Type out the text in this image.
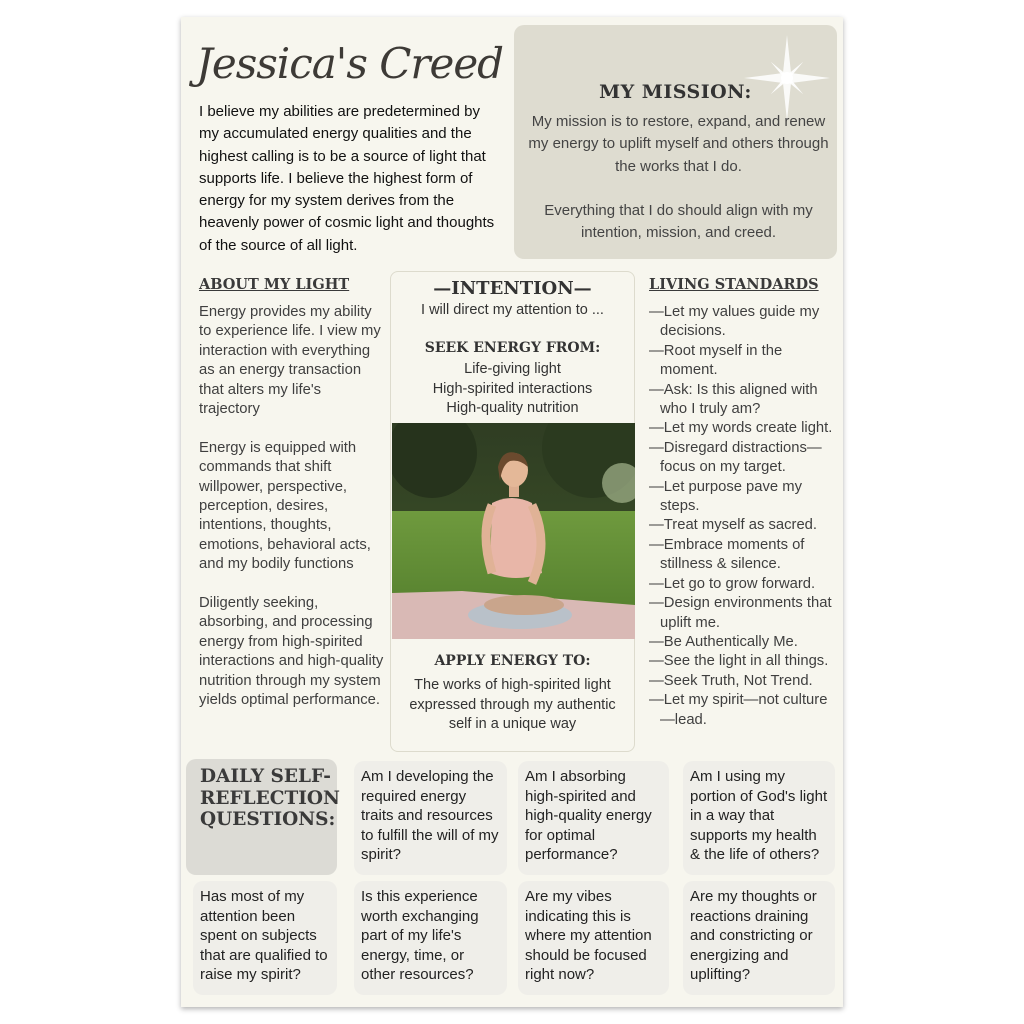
Jessica's Creed
I believe my abilities are predetermined by my accumulated energy qualities and the highest calling is to be a source of light that supports life. I believe the highest form of energy for my system derives from the heavenly power of cosmic light and thoughts of the source of all light.
MY MISSION:
My mission is to restore, expand, and renew my energy to uplift myself and others through the works that I do.
Everything that I do should align with my intention, mission, and creed.
ABOUT MY LIGHT

Energy provides my ability to experience life. I view my interaction with everything as an energy transaction that alters my life's trajectory

Energy is equipped with commands that shift willpower, perspective, perception, desires, intentions, thoughts, emotions, behavioral acts, and my bodily functions

Diligently seeking, absorbing, and processing energy from high-spirited interactions and high-quality nutrition through my system yields optimal performance.

—INTENTION—
I will direct my attention to ...
SEEK ENERGY FROM:
Life-giving light
High-spirited interactions
High-quality nutrition
APPLY ENERGY TO:
The works of high-spirited light expressed through my authentic self in a unique way
LIVING STANDARDS
—Let my values guide my decisions.
—Root myself in the moment.
—Ask: Is this aligned with who I truly am?
—Let my words create light.
—Disregard distractions—focus on my target.
—Let purpose pave my steps.
—Treat myself as sacred.
—Embrace moments of stillness & silence.
—Let go to grow forward.
—Design environments that uplift me.
—Be Authentically Me.
—See the light in all things.
—Seek Truth, Not Trend.
—Let my spirit—not culture—lead.
DAILY SELF-REFLECTION QUESTIONS:
Am I developing the required energy traits and resources to fulfill the will of my spirit?
Am I absorbing high-spirited and high-quality energy for optimal performance?
Am I using my portion of God's light in a way that supports my health & the life of others?
Has most of my attention been spent on subjects that are qualified to raise my spirit?
Is this experience worth exchanging part of my life's energy, time, or other resources?
Are my vibes indicating this is where my attention should be focused right now?
Are my thoughts or reactions draining and constricting or energizing and uplifting?
